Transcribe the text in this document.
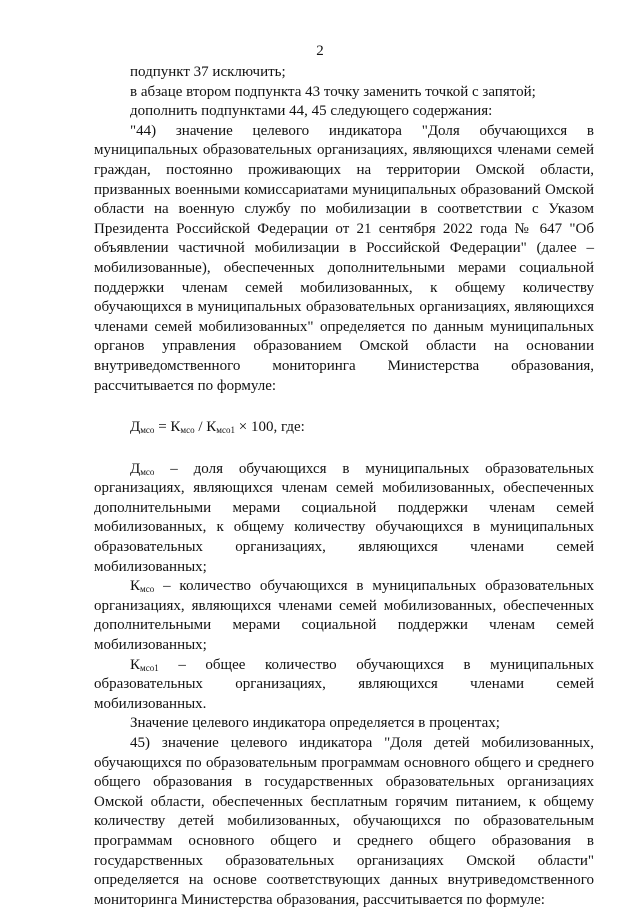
2

подпункт 37 исключить;

в абзаце втором подпункта 43 точку заменить точкой с запятой;

дополнить подпунктами 44, 45 следующего содержания:

"44) значение целевого индикатора "Доля обучающихся в муниципальных образовательных организациях, являющихся членами семей граждан, постоянно проживающих на территории Омской области, призванных военными комиссариатами муниципальных образований Омской области на военную службу по мобилизации в соответствии с Указом Президента Российской Федерации от 21 сентября 2022 года № 647 "Об объявлении частичной мобилизации в Российской Федерации" (далее – мобилизованные), обеспеченных дополнительными мерами социальной поддержки членам семей мобилизованных, к общему количеству обучающихся в муниципальных образовательных организациях, являющихся членами семей мобилизованных" определяется по данным муниципальных органов управления образованием Омской области на основании внутриведомственного мониторинга Министерства образования, рассчитывается по формуле:

$Д_{мсо} = К_{мсо} / К_{мсо1} \times 100$, где:

$Д_{мсо}$ – доля обучающихся в муниципальных образовательных организациях, являющихся членам семей мобилизованных, обеспеченных дополнительными мерами социальной поддержки членам семей мобилизованных, к общему количеству обучающихся в муниципальных образовательных организациях, являющихся членами семей мобилизованных;

$К_{мсо}$ – количество обучающихся в муниципальных образовательных организациях, являющихся членами семей мобилизованных, обеспеченных дополнительными мерами социальной поддержки членам семей мобилизованных;

$К_{мсо1}$ – общее количество обучающихся в муниципальных образовательных организациях, являющихся членами семей мобилизованных.

Значение целевого индикатора определяется в процентах;

45) значение целевого индикатора "Доля детей мобилизованных, обучающихся по образовательным программам основного общего и среднего общего образования в государственных образовательных организациях Омской области, обеспеченных бесплатным горячим питанием, к общему количеству детей мобилизованных, обучающихся по образовательным программам основного общего и среднего общего образования в государственных образовательных организациях Омской области" определяется на основе соответствующих данных внутриведомственного мониторинга Министерства образования, рассчитывается по формуле:
